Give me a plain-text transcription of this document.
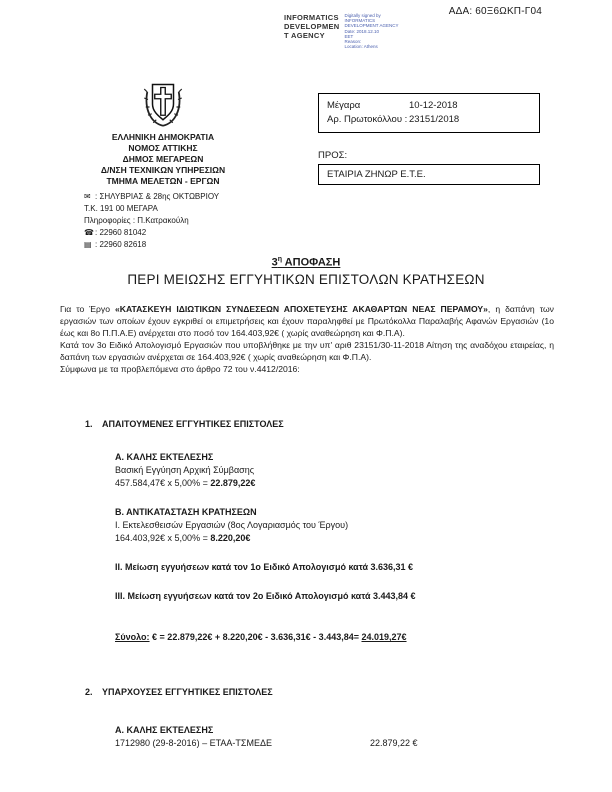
ΑΔΑ: 60Ξ6ΩΚΠ-Γ04
INFORMATICS
DEVELOPMEN
T AGENCY
Digitally signed by
INFORMATICS
DEVELOPMENT AGENCY
Date: 2018.12.10
EET
Reason:
Location: Athens
ΕΛΛΗΝΙΚΗ ΔΗΜΟΚΡΑΤΙΑ
ΝΟΜΟΣ ΑΤΤΙΚΗΣ
ΔΗΜΟΣ ΜΕΓΑΡΕΩΝ
Δ/ΝΣΗ ΤΕΧΝΙΚΩΝ ΥΠΗΡΕΣΙΩΝ
ΤΜΗΜΑ ΜΕΛΕΤΩΝ - ΕΡΓΩΝ
✉ : ΣΗΛΥΒΡΙΑΣ & 28ης ΟΚΤΩΒΡΙΟΥ
Τ.Κ. 191 00 ΜΕΓΑΡΑ
Πληροφορίες : Π.Κατρακούλη
☎: 22960 81042
▤ : 22960 82618
Μέγαρα	10-12-2018
Αρ. Πρωτοκόλλου : 23151/2018
ΠΡΟΣ:
ΕΤΑΙΡΙΑ ΖΗΝΩΡ Ε.Τ.Ε.
$3^\eta$ ΑΠΟΦΑΣΗ
ΠΕΡΙ ΜΕΙΩΣΗΣ ΕΓΓΥΗΤΙΚΩΝ ΕΠΙΣΤΟΛΩΝ ΚΡΑΤΗΣΕΩΝ
Για το Έργο «ΚΑΤΑΣΚΕΥΗ ΙΔΙΩΤΙΚΩΝ ΣΥΝΔΕΣΕΩΝ ΑΠΟΧΕΤΕΥΣΗΣ ΑΚΑΘΑΡΤΩΝ ΝΕΑΣ ΠΕΡΑΜΟΥ», η δαπάνη των εργασιών των οποίων έχουν εγκριθεί οι επιμετρήσεις και έχουν παραληφθεί με Πρωτόκολλα Παραλαβής Αφανών Εργασιών (1ο έως και 8ο Π.Π.Α.Ε) ανέρχεται στο ποσό τον 164.403,92€ ( χωρίς αναθεώρηση και Φ.Π.Α).
Κατά τον 3ο Ειδικό Απολογισμό Εργασιών που υποβλήθηκε με την υπ' αριθ 23151/30-11-2018 Αίτηση της αναδόχου εταιρείας, η δαπάνη των εργασιών ανέρχεται σε 164.403,92€ ( χωρίς αναθεώρηση και Φ.Π.Α).
Σύμφωνα με τα προβλεπόμενα στο άρθρο 72 του ν.4412/2016:
1. ΑΠΑΙΤΟΥΜΕΝΕΣ ΕΓΓΥΗΤΙΚΕΣ ΕΠΙΣΤΟΛΕΣ
Α. ΚΑΛΗΣ ΕΚΤΕΛΕΣΗΣ
Βασική Εγγύηση Αρχική Σύμβασης
457.584,47€ x 5,00% = 22.879,22€
Β. ΑΝΤΙΚΑΤΑΣΤΑΣΗ ΚΡΑΤΗΣΕΩΝ
Ι. Εκτελεσθεισών Εργασιών (8ος Λογαριασμός του Έργου)
164.403,92€ x 5,00% = 8.220,20€
ΙΙ. Μείωση εγγυήσεων κατά τον 1ο Ειδικό Απολογισμό κατά 3.636,31 €
ΙΙΙ. Μείωση εγγυήσεων κατά τον 2ο Ειδικό Απολογισμό κατά 3.443,84 €
Σύνολο: € = 22.879,22€ + 8.220,20€ - 3.636,31€ - 3.443,84= 24.019,27€
2. ΥΠΑΡΧΟΥΣΕΣ ΕΓΓΥΗΤΙΚΕΣ ΕΠΙΣΤΟΛΕΣ
Α. ΚΑΛΗΣ ΕΚΤΕΛΕΣΗΣ
1712980 (29-8-2016) – ΕΤΑΑ-ΤΣΜΕΔΕ	22.879,22 €
